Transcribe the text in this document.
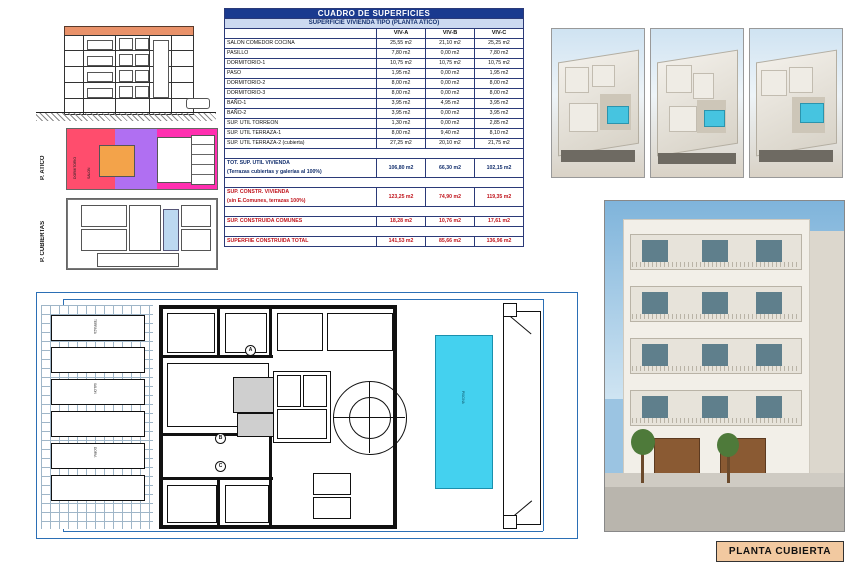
P. ATICO	DORMITORIO	SALON
P. CUBIERTAS
CUADRO DE SUPERFICIES			
SUPERFICIE VIVIENDA TIPO (PLANTA ATICO)			
	VIV-A	VIV-B	VIV-C
SALON COMEDOR COCINA	25,55 m2	21,10 m2	25,25 m2
PASILLO	7,80 m2	0,00 m2	7,80 m2
DORMITORIO-1	10,75 m2	10,75 m2	10,75 m2
PASO	1,95 m2	0,00 m2	1,95 m2
DORMITORIO-2	8,00 m2	0,00 m2	8,00 m2
DORMITORIO-3	8,00 m2	0,00 m2	8,00 m2
BAÑO-1	3,95 m2	4,95 m2	3,95 m2
BAÑO-2	3,95 m2	0,00 m2	3,95 m2
SUP. UTIL TORREON	1,30 m2	0,00 m2	2,85 m2
SUP. UTIL TERRAZA-1	8,00 m2	9,40 m2	8,10 m2
SUP. UTIL TERRAZA-2 (cubierta)	27,25 m2	20,10 m2	21,75 m2

TOT. SUP. UTIL VIVIENDA
(Terrazas cubiertas y galerías al 100%)	106,80 m2	66,30 m2	102,15 m2

SUP. CONSTR. VIVIENDA
(sin E.Comunes, terrazas 100%)	123,25 m2	74,90 m2	119,35 m2

SUP. CONSTRUIDA COMUNES	18,28 m2	10,76 m2	17,61 m2

SUPERFIIE CONSTRUIDA TOTAL	141,53 m2	85,66 m2	136,96 m2
TERRAZA
SALON
DORM.
PISCINA
A
B
C
PLANTA CUBIERTA
